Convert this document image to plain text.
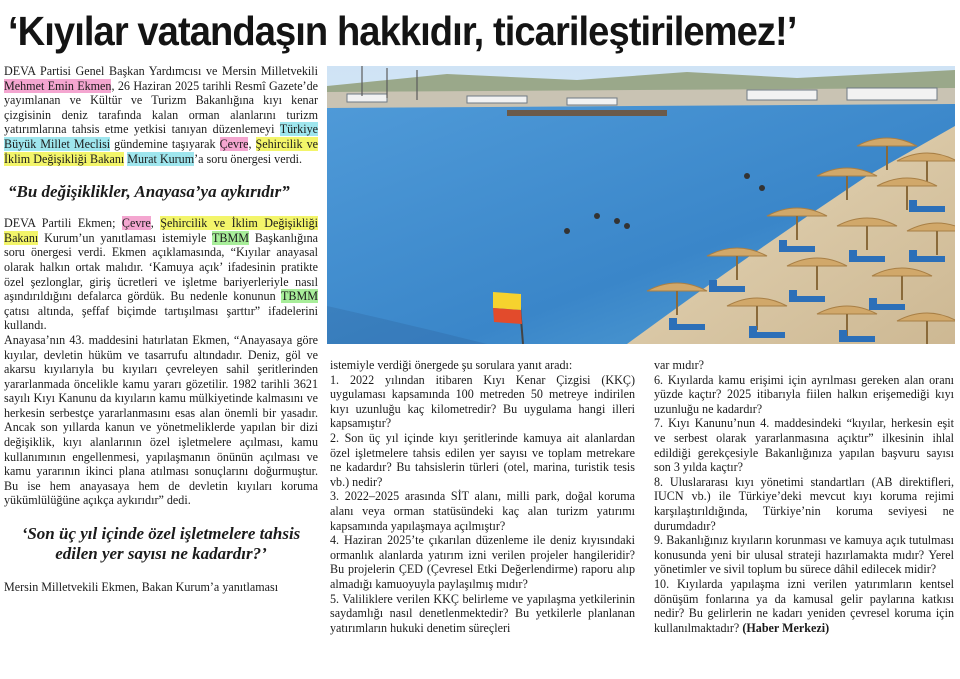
‘Kıyılar vatandaşın hakkıdır, ticarileştirilemez!’

DEVA Partisi Genel Başkan Yardımcısı ve Mersin Milletvekili Mehmet Emin Ekmen, 26 Haziran 2025 tarihli Resmî Gazete’de yayımlanan ve Kültür ve Turizm Bakanlığına kıyı kenar çizgisinin deniz tarafında kalan orman alanlarını turizm yatırımlarına tahsis etme yetkisi tanıyan düzenlemeyi Türkiye Büyük Millet Meclisi gündemine taşıyarak Çevre, Şehircilik ve İklim Değişikliği Bakanı Murat Kurum’a soru önergesi verdi.

“Bu değişiklikler, Anayasa’ya aykırıdır”

DEVA Partili Ekmen; Çevre, Şehircilik ve İklim Değişikliği Bakanı Kurum’un yanıtlaması istemiyle TBMM Başkanlığına soru önergesi verdi. Ekmen açıklamasında, “Kıyılar anayasal olarak halkın ortak malıdır. ‘Kamuya açık’ ifadesinin pratikte özel şezlonglar, giriş ücretleri ve işletme bariyerleriyle nasıl aşındırıldığını defalarca gördük. Bu nedenle konunun TBMM çatısı altında, şeffaf biçimde tartışılması şarttır” ifadelerini kullandı.

Anayasa’nın 43. maddesini hatırlatan Ekmen, “Anayasaya göre kıyılar, devletin hüküm ve tasarrufu altındadır. Deniz, göl ve akarsu kıyılarıyla bu kıyıları çevreleyen sahil şeritlerinden yararlanmada öncelikle kamu yararı gözetilir. 1982 tarihli 3621 sayılı Kıyı Kanunu da kıyıların kamu mülkiyetinde kalmasını ve herkesin serbestçe yararlanmasını esas alan önemli bir yasadır. Ancak son yıllarda kanun ve yönetmeliklerde yapılan bir dizi değişiklik, kıyı alanlarının özel işletmelere açılması, kamu kullanımının engellenmesi, yapılaşmanın önünün açılması ve kamu yararının ikinci plana atılması sonuçlarını doğurmuştur. Bu ise hem anayasaya hem de devletin kıyıları koruma yükümlülüğüne açıkça aykırıdır” dedi.

‘Son üç yıl içinde özel işletmelere tahsis edilen yer sayısı ne kadardır?’

Mersin Milletvekili Ekmen, Bakan Kurum’a yanıtlaması

istemiyle verdiği önergede şu sorulara yanıt aradı:

1. 2022 yılından itibaren Kıyı Kenar Çizgisi (KKÇ) uygulaması kapsamında 100 metreden 50 metreye indirilen kıyı uzunluğu kaç kilometredir? Bu uygulama hangi illeri kapsamıştır?

2. Son üç yıl içinde kıyı şeritlerinde kamuya ait alanlardan özel işletmelere tahsis edilen yer sayısı ve toplam metrekare ne kadardır? Bu tahsislerin türleri (otel, marina, turistik tesis vb.) nedir?

3. 2022–2025 arasında SİT alanı, milli park, doğal koruma alanı veya orman statüsündeki kaç alan turizm yatırımı kapsamında yapılaşmaya açılmıştır?

4. Haziran 2025’te çıkarılan düzenleme ile deniz kıyısındaki ormanlık alanlarda yatırım izni verilen projeler hangileridir? Bu projelerin ÇED (Çevresel Etki Değerlendirme) raporu alıp almadığı kamuoyuyla paylaşılmış mıdır?

5. Valiliklere verilen KKÇ belirleme ve yapılaşma yetkilerinin saydamlığı nasıl denetlenmektedir? Bu yetkilerle planlanan yatırımların hukuki denetim süreçleri

var mıdır?

6. Kıyılarda kamu erişimi için ayrılması gereken alan oranı yüzde kaçtır? 2025 itibarıyla fiilen halkın erişemediği kıyı uzunluğu ne kadardır?

7. Kıyı Kanunu’nun 4. maddesindeki “kıyılar, herkesin eşit ve serbest olarak yararlanmasına açıktır” ilkesinin ihlal edildiği gerekçesiyle Bakanlığınıza yapılan başvuru sayısı son 3 yılda kaçtır?

8. Uluslararası kıyı yönetimi standartları (AB direktifleri, IUCN vb.) ile Türkiye’deki mevcut kıyı koruma rejimi karşılaştırıldığında, Türkiye’nin koruma seviyesi ne durumdadır?

9. Bakanlığınız kıyıların korunması ve kamuya açık tutulması konusunda yeni bir ulusal strateji hazırlamakta mıdır? Yerel yönetimler ve sivil toplum bu sürece dâhil edilecek midir?

10. Kıyılarda yapılaşma izni verilen yatırımların kentsel dönüşüm fonlarına ya da kamusal gelir paylarına katkısı nedir? Bu gelirlerin ne kadarı yeniden çevresel koruma için kullanılmaktadır? (Haber Merkezi)
